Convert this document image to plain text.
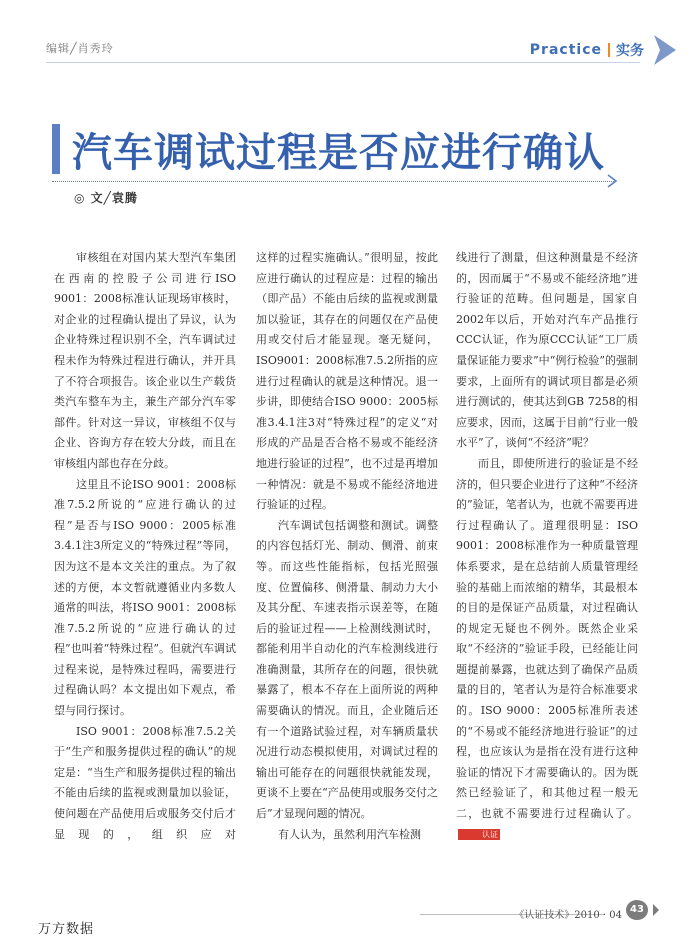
编辑╱肖秀玲	Practice 实务
汽车调试过程是否应进行确认
◎ 文╱袁腾

审核组在对国内某大型汽车集团在西南的控股子公司进行ISO 9001：2008标准认证现场审核时，对企业的过程确认提出了异议，认为企业特殊过程识别不全，汽车调试过程未作为特殊过程进行确认，并开具了不符合项报告。该企业以生产载货类汽车整车为主，兼生产部分汽车零部件。针对这一异议，审核组不仅与企业、咨询方存在较大分歧，而且在审核组内部也存在分歧。

这里且不论ISO 9001：2008标准7.5.2所说的“应进行确认的过程”是否与ISO 9000：2005标准3.4.1注3所定义的“特殊过程”等同，因为这不是本文关注的重点。为了叙述的方便，本文暂就遵循业内多数人通常的叫法，将ISO 9001：2008标准7.5.2所说的“应进行确认的过程”也叫着“特殊过程”。但就汽车调试过程来说，是特殊过程吗，需要进行过程确认吗？本文提出如下观点，希望与同行探讨。

ISO 9001：2008标准7.5.2关于“生产和服务提供过程的确认”的规定是：“当生产和服务提供过程的输出不能由后续的监视或测量加以验证，使问题在产品使用后或服务交付后才显现的，组织应对

这样的过程实施确认。”很明显，按此应进行确认的过程应是：过程的输出（即产品）不能由后续的监视或测量加以验证，其存在的问题仅在产品使用或交付后才能显现。毫无疑问，ISO9001：2008标准7.5.2所指的应进行过程确认的就是这种情况。退一步讲，即使结合ISO 9000：2005标准3.4.1注3对“特殊过程”的定义“对形成的产品是否合格不易或不能经济地进行验证的过程”，也不过是再增加一种情况：就是不易或不能经济地进行验证的过程。

汽车调试包括调整和测试。调整的内容包括灯光、制动、侧滑、前束等。而这些性能指标，包括光照强度、位置偏移、侧滑量、制动力大小及其分配、车速表指示误差等，在随后的验证过程——上检测线测试时，都能利用半自动化的汽车检测线进行准确测量，其所存在的问题，很快就暴露了，根本不存在上面所说的两种需要确认的情况。而且，企业随后还有一个道路试验过程，对车辆质量状况进行动态模拟使用，对调试过程的输出可能存在的问题很快就能发现，更谈不上要在“产品使用或服务交付之后”才显现问题的情况。

有人认为，虽然利用汽车检测

线进行了测量，但这种测量是不经济的，因而属于“不易或不能经济地”进行验证的范畴。但问题是，国家自2002年以后，开始对汽车产品推行CCC认证，作为原CCC认证“工厂质量保证能力要求”中“例行检验”的强制要求，上面所有的调试项目都是必须进行测试的，使其达到GB 7258的相应要求，因而，这属于目前“行业一般水平”了，谈何“不经济”呢？

而且，即使所进行的验证是不经济的，但只要企业进行了这种“不经济的”验证，笔者认为，也就不需要再进行过程确认了。道理很明显：ISO 9001：2008标准作为一种质量管理体系要求，是在总结前人质量管理经验的基础上而浓缩的精华，其最根本的目的是保证产品质量，对过程确认的规定无疑也不例外。既然企业采取“不经济的”验证手段，已经能让问题提前暴露，也就达到了确保产品质量的目的，笔者认为是符合标准要求的。ISO 9000：2005标准所表述的“不易或不能经济地进行验证”的过程，也应该认为是指在没有进行这种验证的情况下才需要确认的。因为既然已经验证了，和其他过程一般无二，也就不需要进行过程确认了。认证

《认证技术》2010 · 04
43
万方数据
